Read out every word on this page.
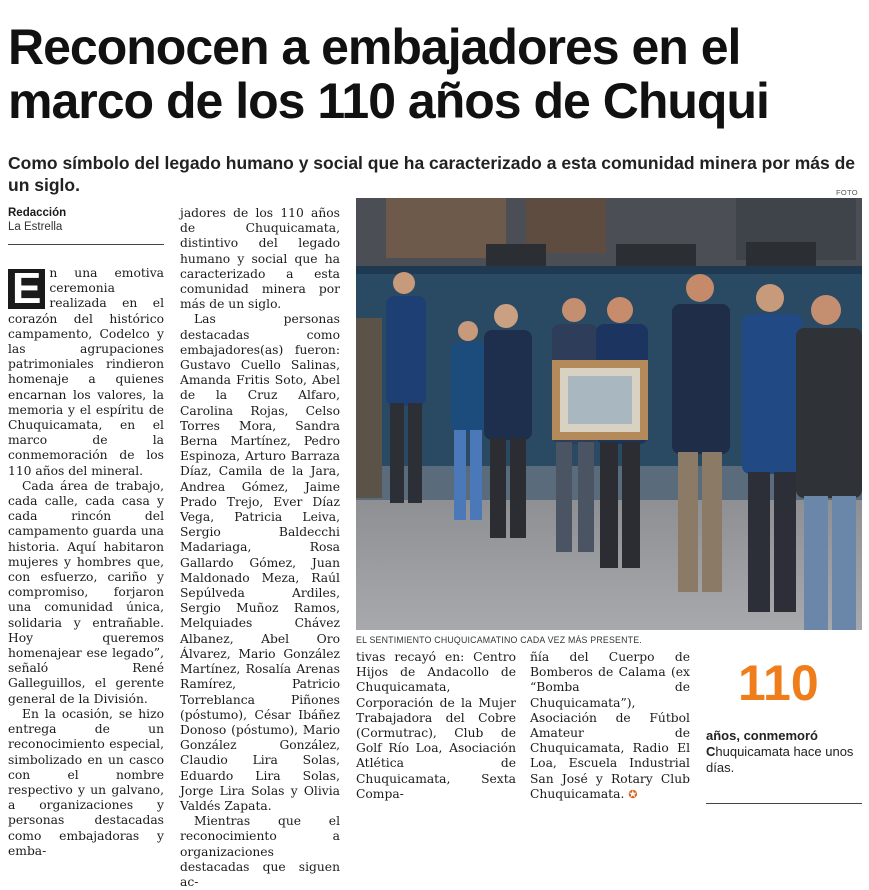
Reconocen a embajadores en el marco de los 110 años de Chuqui
Como símbolo del legado humano y social que ha caracterizado a esta comunidad minera por más de un siglo.
Redacción
La Estrella

E n una emotiva ceremonia realizada en el corazón del histórico campamento, Codelco y las agrupaciones patrimoniales rindieron homenaje a quienes encarnan los valores, la memoria y el espíritu de Chuquicamata, en el marco de la conmemoración de los 110 años del mineral.

Cada área de trabajo, cada calle, cada casa y cada rincón del campamento guarda una historia. Aquí habitaron mujeres y hombres que, con esfuerzo, cariño y compromiso, forjaron una comunidad única, solidaria y entrañable. Hoy queremos homenajear ese legado”, señaló René Galleguillos, el gerente general de la División.

En la ocasión, se hizo entrega de un reconocimiento especial, simbolizado en un casco con el nombre respectivo y un galvano, a organizaciones y personas destacadas como embajadoras y emba-

jadores de los 110 años de Chuquicamata, distintivo del legado humano y social que ha caracterizado a esta comunidad minera por más de un siglo.

Las personas destacadas como embajadores(as) fueron: Gustavo Cuello Salinas, Amanda Fritis Soto, Abel de la Cruz Alfaro, Carolina Rojas, Celso Torres Mora, Sandra Berna Martínez, Pedro Espinoza, Arturo Barraza Díaz, Camila de la Jara, Andrea Gómez, Jaime Prado Trejo, Ever Díaz Vega, Patricia Leiva, Sergio Baldecchi Madariaga, Rosa Gallardo Gómez, Juan Maldonado Meza, Raúl Sepúlveda Ardiles, Sergio Muñoz Ramos, Melquiades Chávez Albanez, Abel Oro Álvarez, Mario González Martínez, Rosalía Arenas Ramírez, Patricio Torreblanca Piñones (póstumo), César Ibáñez Donoso (póstumo), Mario González González, Claudio Lira Solas, Eduardo Lira Solas, Jorge Lira Solas y Olivia Valdés Zapata.

Mientras que el reconocimiento a organizaciones destacadas que siguen ac-

FOTO
EL SENTIMIENTO CHUQUICAMATINO CADA VEZ MÁS PRESENTE.

tivas recayó en: Centro Hijos de Andacollo de Chuquicamata, Corporación de la Mujer Trabajadora del Cobre (Cormutrac), Club de Golf Río Loa, Asociación Atlética de Chuquicamata, Sexta Compa-

ñía del Cuerpo de Bomberos de Calama (ex “Bomba de Chuquicamata”), Asociación de Fútbol Amateur de Chuquicamata, Radio El Loa, Escuela Industrial San José y Rotary Club Chuquicamata. ✪

110
años, conmemoró Chuquicamata hace unos días.
